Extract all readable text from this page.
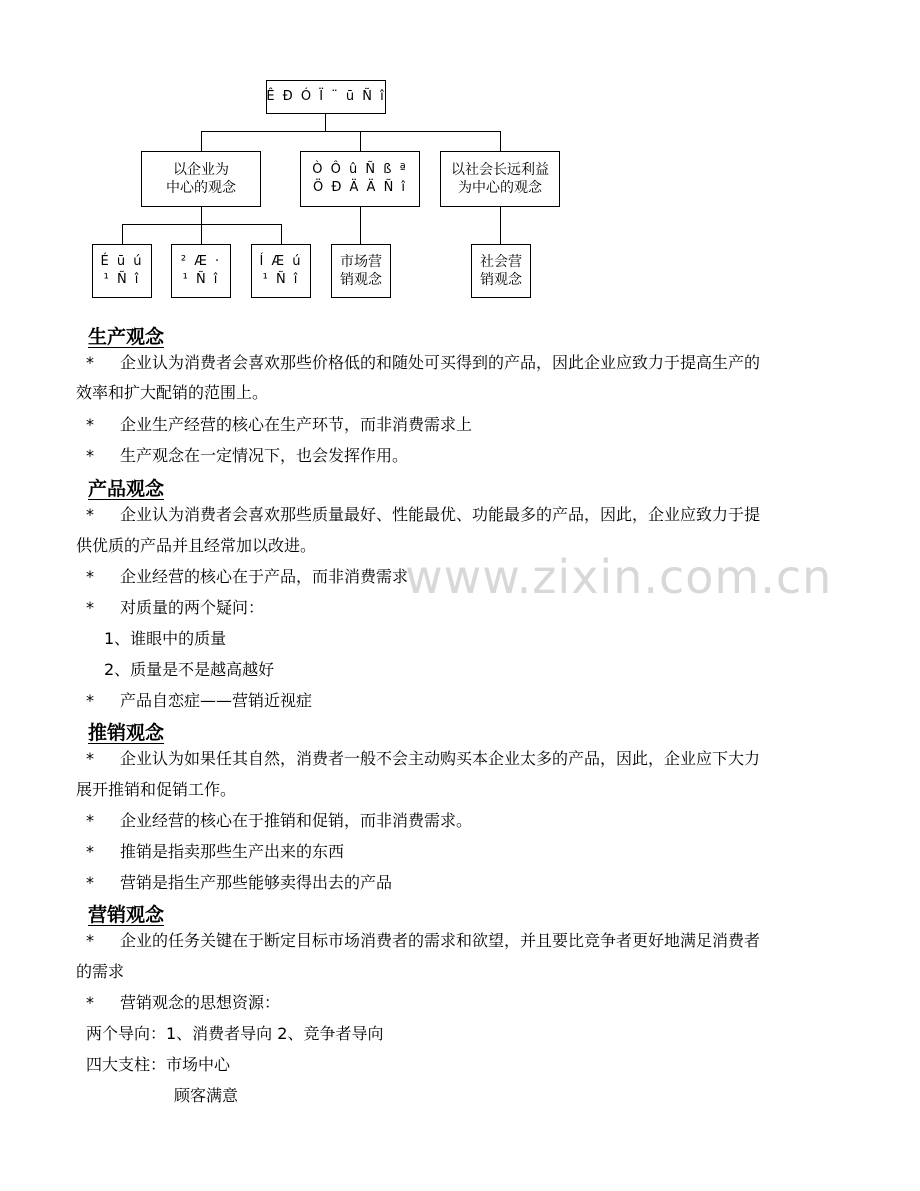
Ê Ð Ó Ï ¨ ū Ñ î
以企业为
中心的观念
Ò Ô û Ñ ß ª
Ö Ð Ä Ä Ñ î
以社会长远利益
为中心的观念
É ū ú
¹ Ñ î
² Æ ·
¹ Ñ î
Í Æ ú
¹ Ñ î
市场营
销观念
社会营
销观念
www.zixin.com.cn
生产观念
* 企业认为消费者会喜欢那些价格低的和随处可买得到的产品，因此企业应致力于提高生产的
效率和扩大配销的范围上。
* 企业生产经营的核心在生产环节，而非消费需求上
* 生产观念在一定情况下，也会发挥作用。
产品观念
* 企业认为消费者会喜欢那些质量最好、性能最优、功能最多的产品，因此，企业应致力于提
供优质的产品并且经常加以改进。
* 企业经营的核心在于产品，而非消费需求
* 对质量的两个疑问：
1、谁眼中的质量
2、质量是不是越高越好
* 产品自恋症——营销近视症
推销观念
* 企业认为如果任其自然，消费者一般不会主动购买本企业太多的产品，因此，企业应下大力
展开推销和促销工作。
* 企业经营的核心在于推销和促销，而非消费需求。
* 推销是指卖那些生产出来的东西
* 营销是指生产那些能够卖得出去的产品
营销观念
* 企业的任务关键在于断定目标市场消费者的需求和欲望，并且要比竞争者更好地满足消费者
的需求
* 营销观念的思想资源：
两个导向：1、消费者导向 2、竞争者导向
四大支柱：市场中心
顾客满意
